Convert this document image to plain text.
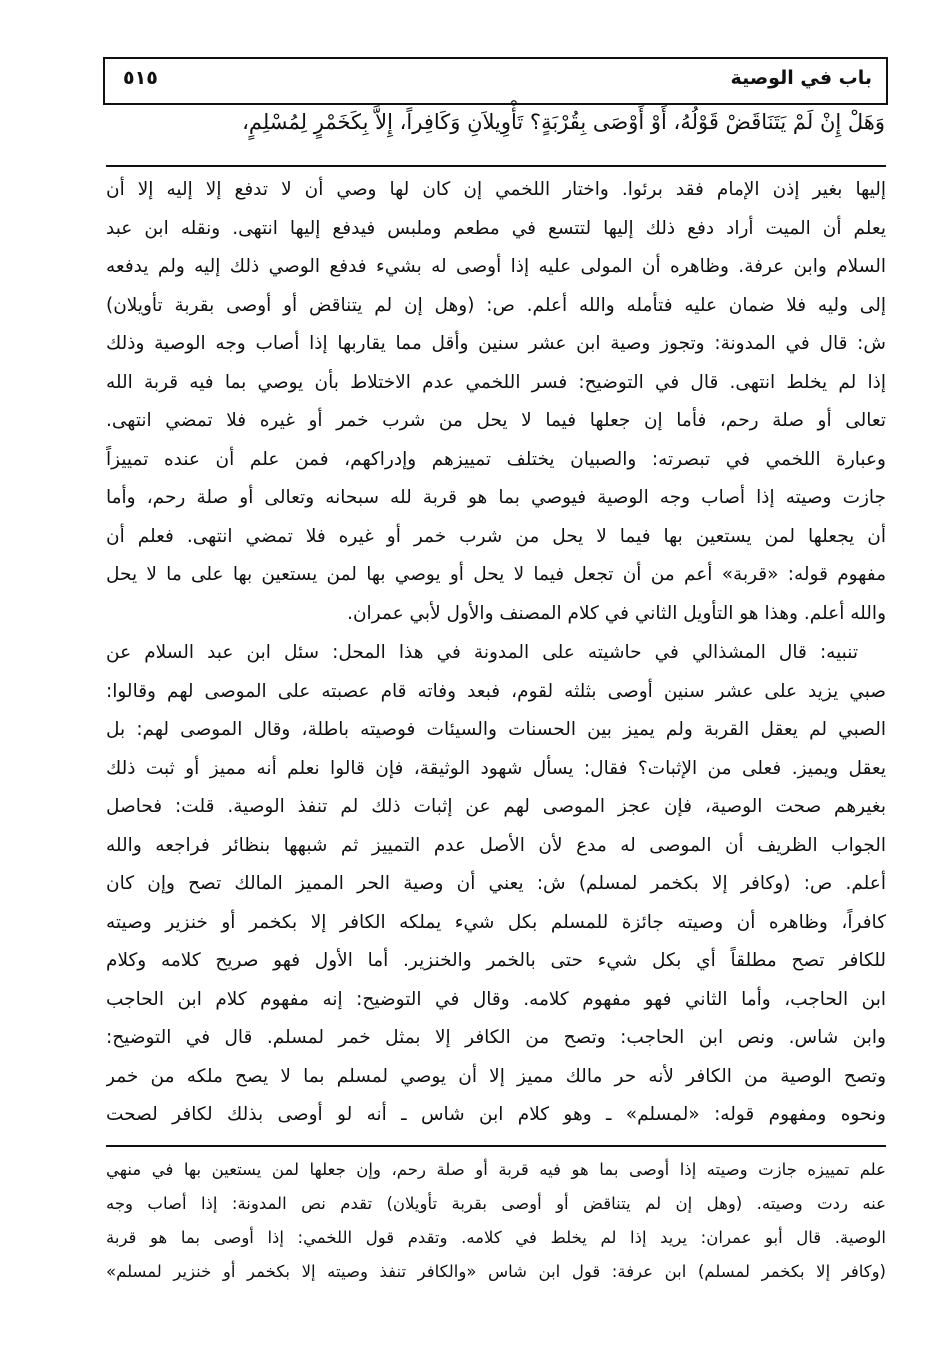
باب في الوصية
٥١٥
وَهَلْ إِنْ لَمْ يَتَنَاقَضْ قَوْلُهُ، أَوْ أَوْصَى بِقُرْبَةٍ؟ تَأْوِيلاَنِ وَكَافِراً، إِلاَّ بِكَخَمْرٍ لِمُسْلِمٍ،
إليها بغير إذن الإمام فقد برئوا. واختار اللخمي إن كان لها وصي أن لا تدفع إلا إليه إلا أن
يعلم أن الميت أراد دفع ذلك إليها لتتسع في مطعم وملبس فيدفع إليها انتهى. ونقله ابن عبد
السلام وابن عرفة. وظاهره أن المولى عليه إذا أوصى له بشيء فدفع الوصي ذلك إليه ولم يدفعه
إلى وليه فلا ضمان عليه فتأمله والله أعلم. ص: (وهل إن لم يتناقض أو أوصى بقربة تأويلان)
ش: قال في المدونة: وتجوز وصية ابن عشر سنين وأقل مما يقاربها إذا أصاب وجه الوصية وذلك
إذا لم يخلط انتهى. قال في التوضيح: فسر اللخمي عدم الاختلاط بأن يوصي بما فيه قربة الله
تعالى أو صلة رحم، فأما إن جعلها فيما لا يحل من شرب خمر أو غيره فلا تمضي انتهى.
وعبارة اللخمي في تبصرته: والصبيان يختلف تمييزهم وإدراكهم، فمن علم أن عنده تمييزاً
جازت وصيته إذا أصاب وجه الوصية فيوصي بما هو قربة لله سبحانه وتعالى أو صلة رحم، وأما
أن يجعلها لمن يستعين بها فيما لا يحل من شرب خمر أو غيره فلا تمضي انتهى. فعلم أن
مفهوم قوله: «قربة» أعم من أن تجعل فيما لا يحل أو يوصي بها لمن يستعين بها على ما لا يحل
والله أعلم. وهذا هو التأويل الثاني في كلام المصنف والأول لأبي عمران.
تنبيه: قال المشذالي في حاشيته على المدونة في هذا المحل: سئل ابن عبد السلام عن
صبي يزيد على عشر سنين أوصى بثلثه لقوم، فبعد وفاته قام عصبته على الموصى لهم وقالوا:
الصبي لم يعقل القربة ولم يميز بين الحسنات والسيئات فوصيته باطلة، وقال الموصى لهم: بل
يعقل ويميز. فعلى من الإثبات؟ فقال: يسأل شهود الوثيقة، فإن قالوا نعلم أنه مميز أو ثبت ذلك
بغيرهم صحت الوصية، فإن عجز الموصى لهم عن إثبات ذلك لم تنفذ الوصية. قلت: فحاصل
الجواب الظريف أن الموصى له مدع لأن الأصل عدم التمييز ثم شبهها بنظائر فراجعه والله
أعلم. ص: (وكافر إلا بكخمر لمسلم) ش: يعني أن وصية الحر المميز المالك تصح وإن كان
كافراً، وظاهره أن وصيته جائزة للمسلم بكل شيء يملكه الكافر إلا بكخمر أو خنزير وصيته
للكافر تصح مطلقاً أي بكل شيء حتى بالخمر والخنزير. أما الأول فهو صريح كلامه وكلام
ابن الحاجب، وأما الثاني فهو مفهوم كلامه. وقال في التوضيح: إنه مفهوم كلام ابن الحاجب
وابن شاس. ونص ابن الحاجب: وتصح من الكافر إلا بمثل خمر لمسلم. قال في التوضيح:
وتصح الوصية من الكافر لأنه حر مالك مميز إلا أن يوصي لمسلم بما لا يصح ملكه من خمر
ونحوه ومفهوم قوله: «لمسلم» ـ وهو كلام ابن شاس ـ أنه لو أوصى بذلك لكافر لصحت
علم تمييزه جازت وصيته إذا أوصى بما هو فيه قربة أو صلة رحم، وإن جعلها لمن يستعين بها في منهي
عنه ردت وصيته. (وهل إن لم يتناقض أو أوصى بقربة تأويلان) تقدم نص المدونة: إذا أصاب وجه
الوصية. قال أبو عمران: يريد إذا لم يخلط في كلامه. وتقدم قول اللخمي: إذا أوصى بما هو قربة
(وكافر إلا بكخمر لمسلم) ابن عرفة: قول ابن شاس «والكافر تنفذ وصيته إلا بكخمر أو خنزير لمسلم»
